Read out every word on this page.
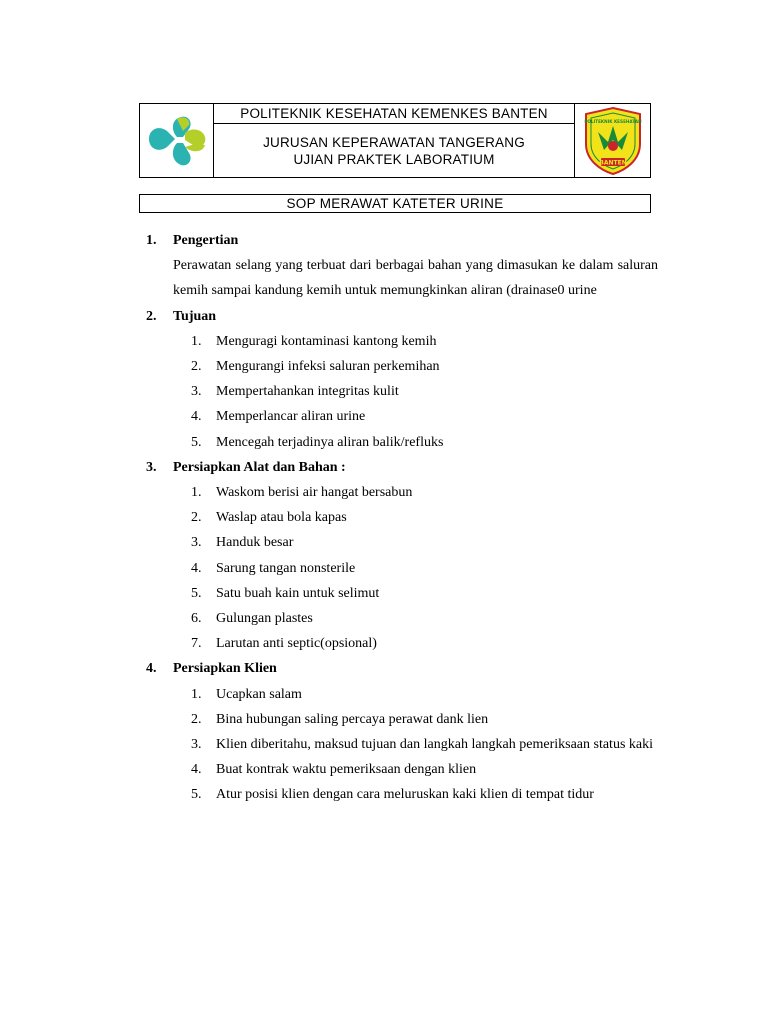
POLITEKNIK KESEHATAN KEMENKES BANTEN
JURUSAN KEPERAWATAN TANGERANG
UJIAN PRAKTEK LABORATIUM	BANTEN
POLITEKNIK KESEHATAN
SOP MERAWAT KATETER URINE
1.	Pengertian
Perawatan selang yang terbuat dari berbagai bahan yang dimasukan ke dalam saluran kemih sampai kandung kemih untuk memungkinkan aliran (drainase0 urine
2.	Tujuan
1.	Menguragi kontaminasi kantong kemih
2.	Mengurangi infeksi saluran perkemihan
3.	Mempertahankan integritas kulit
4.	Memperlancar aliran urine
5.	Mencegah terjadinya aliran balik/refluks
3.	Persiapkan Alat dan Bahan :
1.	Waskom berisi air hangat bersabun
2.	Waslap atau bola kapas
3.	Handuk besar
4.	Sarung tangan nonsterile
5.	Satu buah kain untuk selimut
6.	Gulungan plastes
7.	Larutan anti septic(opsional)
4.	Persiapkan Klien
1.	Ucapkan salam
2.	Bina hubungan saling percaya perawat dank lien
3.	Klien diberitahu, maksud tujuan dan langkah langkah pemeriksaan status kaki
4.	Buat kontrak waktu pemeriksaan dengan klien
5.	Atur posisi klien dengan cara meluruskan kaki klien di tempat tidur
